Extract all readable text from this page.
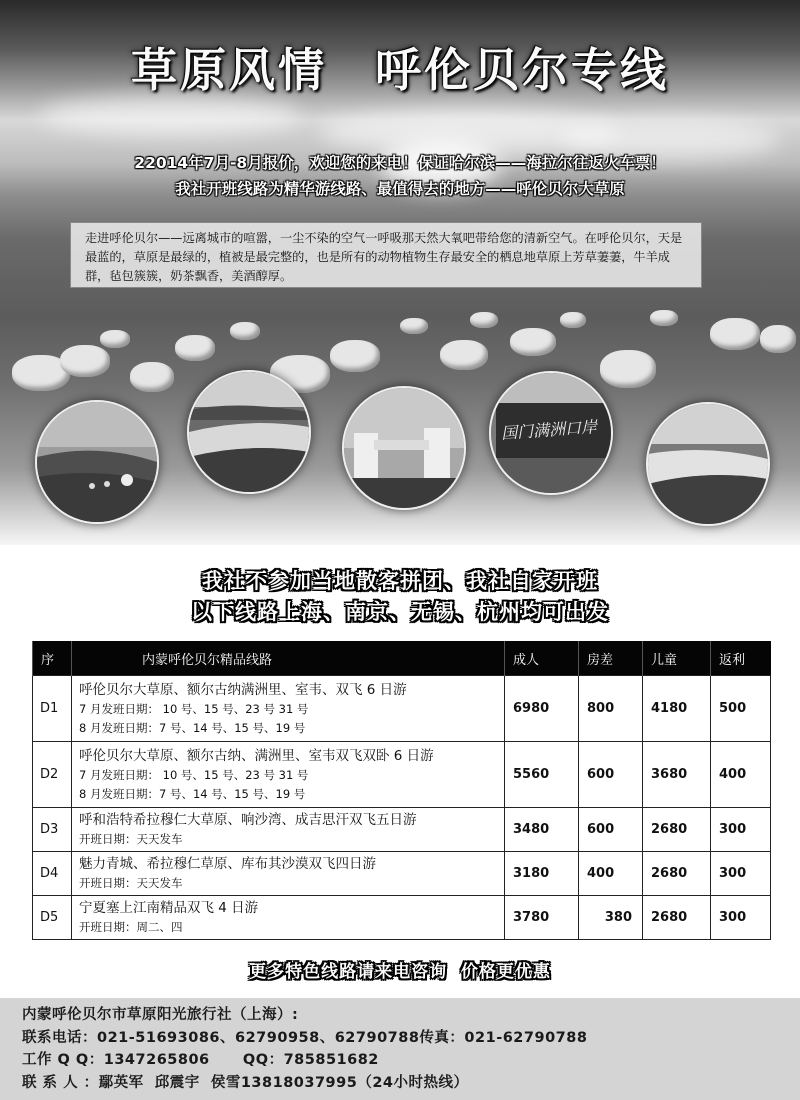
草原风情 呼伦贝尔专线
22014年7月-8月报价，欢迎您的来电！保证哈尔滨——海拉尔往返火车票！
我社开班线路为精华游线路、最值得去的地方——呼伦贝尔大草原
走进呼伦贝尔——远离城市的喧嚣，一尘不染的空气一呼吸那天然大氧吧带给您的清新空气。在呼伦贝尔，天是最蓝的，草原是最绿的，植被是最完整的，也是所有的动物植物生存最安全的栖息地草原上芳草萋萋，牛羊成群，毡包簇簇，奶茶飘香，美酒醇厚。
国门满洲口岸
我社不参加当地散客拼团、我社自家开班
以下线路上海、南京、无锡、杭州均可出发
序	内蒙呼伦贝尔精品线路	成人	房差	儿童	返利
D1	呼伦贝尔大草原、额尔古纳满洲里、室韦、双飞 6 日游
7 月发班日期： 10 号、15 号、23 号 31 号
8 月发班日期：7 号、14 号、15 号、19 号	6980	800	4180	500
D2	呼伦贝尔大草原、额尔古纳、满洲里、室韦双飞双卧 6 日游
7 月发班日期： 10 号、15 号、23 号 31 号
8 月发班日期：7 号、14 号、15 号、19 号	5560	600	3680	400
D3	呼和浩特希拉穆仁大草原、响沙湾、成吉思汗双飞五日游
开班日期：天天发车	3480	600	2680	300
D4	魅力青城、希拉穆仁草原、库布其沙漠双飞四日游
开班日期：天天发车	3180	400	2680	300
D5	宁夏塞上江南精品双飞 4 日游
开班日期：周二、四	3780	380	2680	300
更多特色线路请来电咨询  价格更优惠
内蒙呼伦贝尔市草原阳光旅行社（上海）:
联系电话：021-51693086、62790958、62790788传真：021-62790788
工作 Q Q：1347265806      QQ：785851682
联 系 人 ：鄢英军  邱震宇  侯雪13818037995（24小时热线）
